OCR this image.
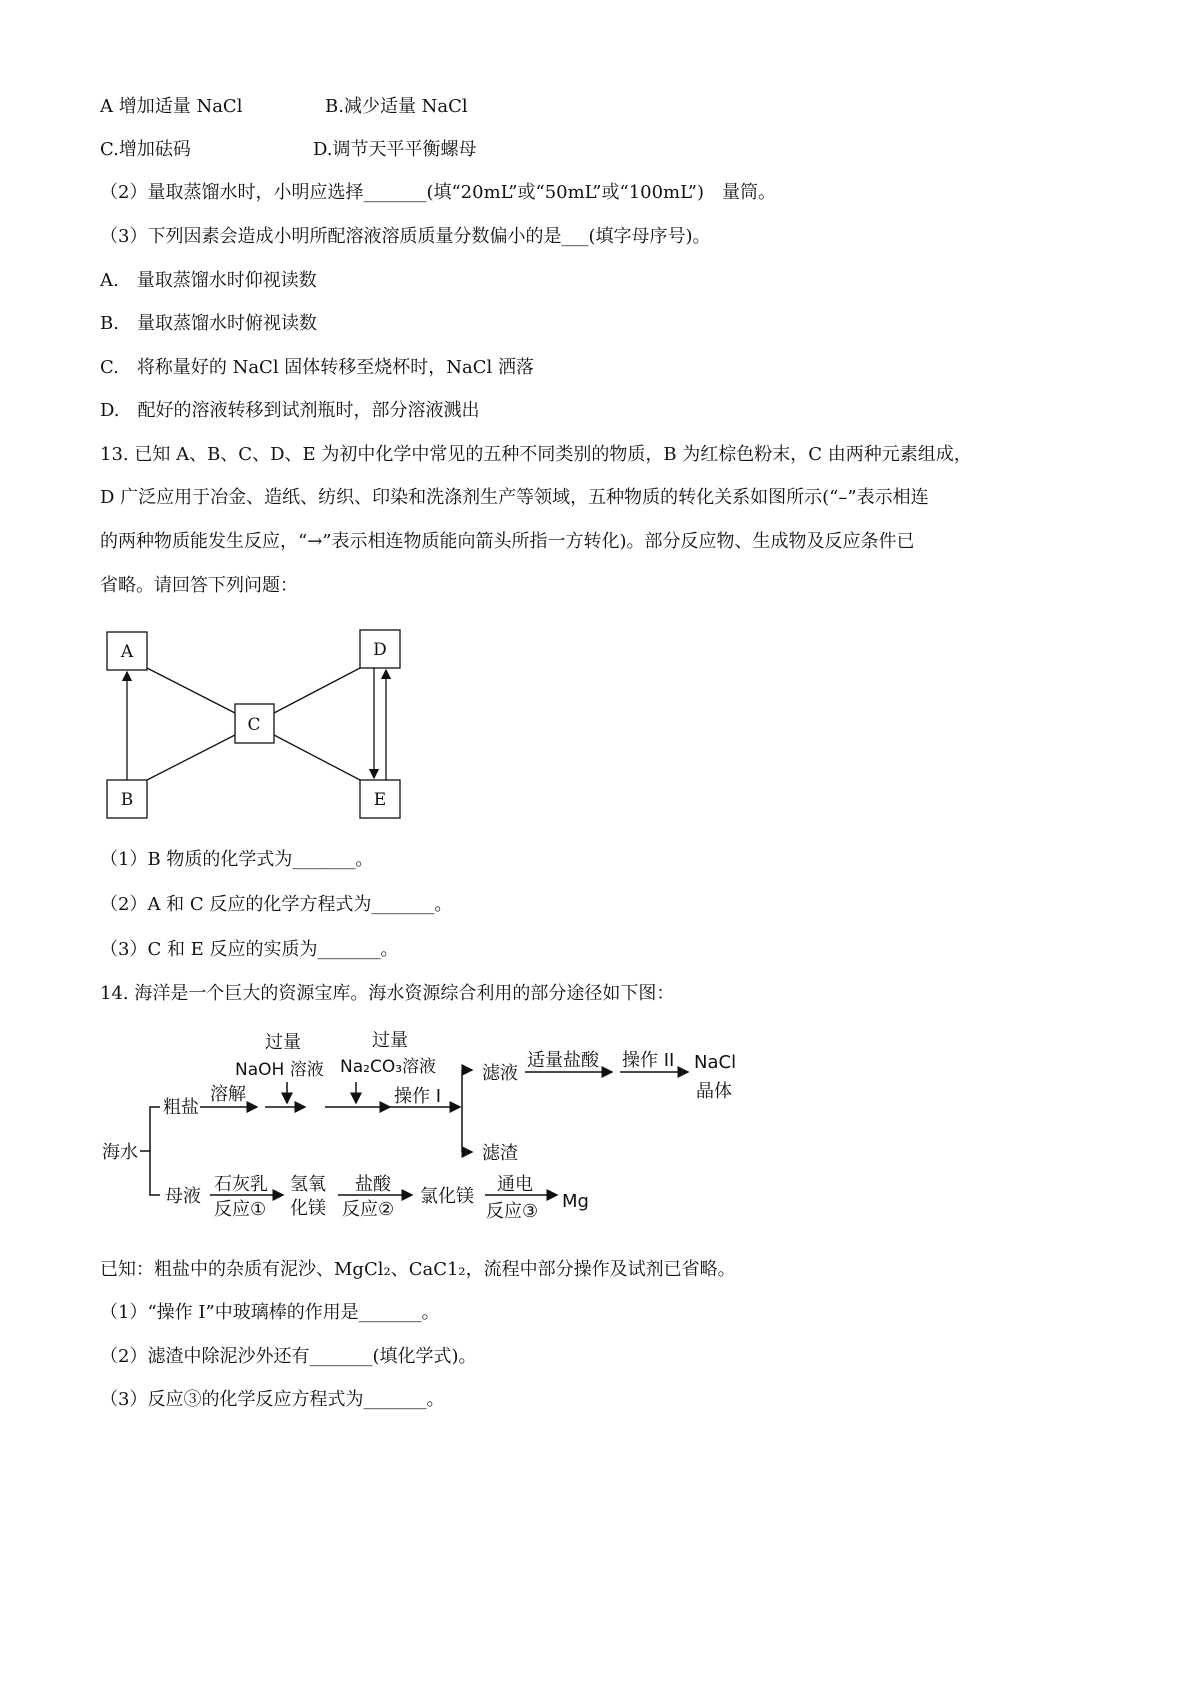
A 增加适量 NaCl	B.减少适量 NaCl
C.增加砝码	D.调节天平平衡螺母
（2）量取蒸馏水时，小明应选择_______(填“20mL”或“50mL”或“100mL”)　量筒。
（3）下列因素会造成小明所配溶液溶质质量分数偏小的是___(填字母序号)。
A.　量取蒸馏水时仰视读数
B.　量取蒸馏水时俯视读数
C.　将称量好的 NaCl 固体转移至烧杯时，NaCl 洒落
D.　配好的溶液转移到试剂瓶时，部分溶液溅出
13. 已知 A、B、C、D、E 为初中化学中常见的五种不同类别的物质，B 为红棕色粉末，C 由两种元素组成，
D 广泛应用于冶金、造纸、纺织、印染和洗涤剂生产等领域，五种物质的转化关系如图所示(“–”表示相连
的两种物质能发生反应，“→”表示相连物质能向箭头所指一方转化)。部分反应物、生成物及反应条件已
省略。请回答下列问题：
A	D
C
B	E
（1）B 物质的化学式为_______。
（2）A 和 C 反应的化学方程式为_______。
（3）C 和 E 反应的实质为_______。
14. 海洋是一个巨大的资源宝库。海水资源综合利用的部分途径如下图：
海水
粗盐
溶解
过量
NaOH 溶液
过量
Na₂CO₃溶液
操作 I
滤液
适量盐酸 操作 II NaCl
晶体
滤渣
母液
石灰乳
反应①
氢氧
化镁
盐酸
反应②
氯化镁
通电
反应③ Mg
已知：粗盐中的杂质有泥沙、MgCl₂、CaC1₂，流程中部分操作及试剂已省略。
（1）“操作 I”中玻璃棒的作用是_______。
（2）滤渣中除泥沙外还有_______(填化学式)。
（3）反应③的化学反应方程式为_______。
